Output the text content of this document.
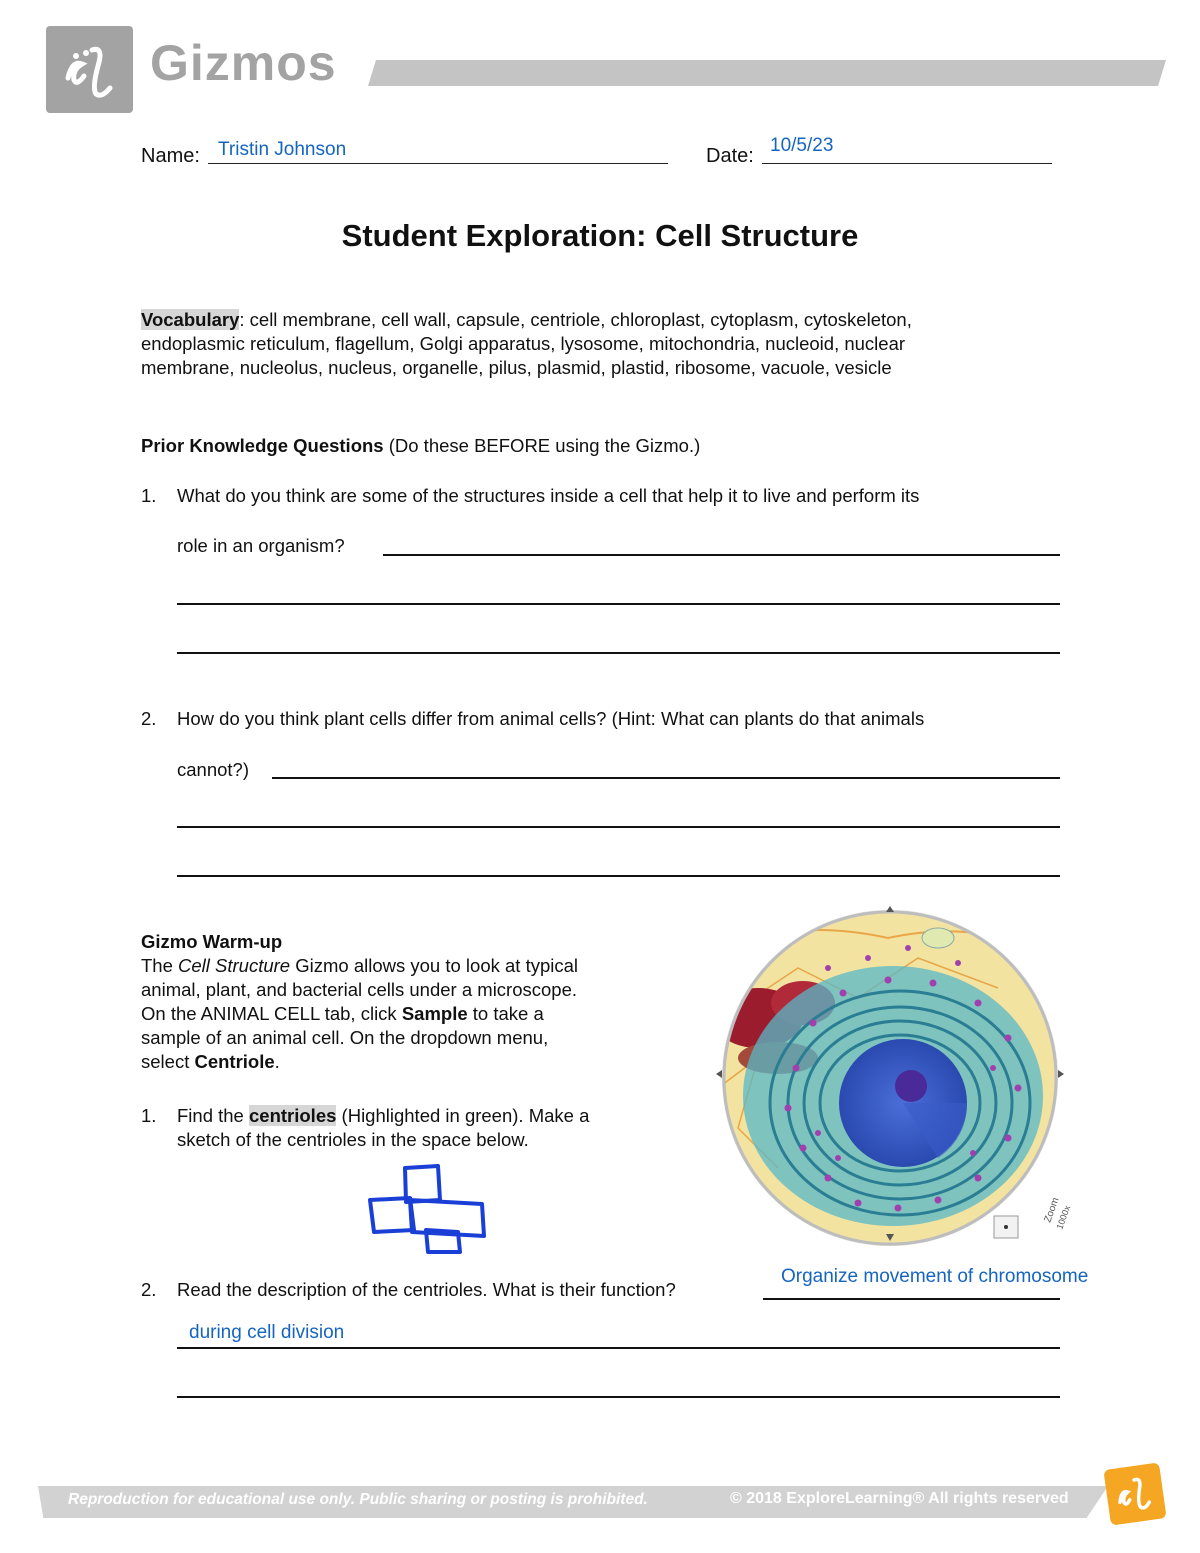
Gizmos
Name: Tristin Johnson	Date: 10/5/23
Student Exploration: Cell Structure
Vocabulary: cell membrane, cell wall, capsule, centriole, chloroplast, cytoplasm, cytoskeleton,
endoplasmic reticulum, flagellum, Golgi apparatus, lysosome, mitochondria, nucleoid, nuclear
membrane, nucleolus, nucleus, organelle, pilus, plasmid, plastid, ribosome, vacuole, vesicle
Prior Knowledge Questions (Do these BEFORE using the Gizmo.)
1. What do you think are some of the structures inside a cell that help it to live and perform its
role in an organism?
2. How do you think plant cells differ from animal cells? (Hint: What can plants do that animals
cannot?)
Gizmo Warm-up
The Cell Structure Gizmo allows you to look at typical
animal, plant, and bacterial cells under a microscope.
On the ANIMAL CELL tab, click Sample to take a
sample of an animal cell. On the dropdown menu,
select Centriole.
1. Find the centrioles (Highlighted in green). Make a
sketch of the centrioles in the space below.
Zoom
1000x
2. Read the description of the centrioles. What is their function?
Organize movement of chromosome
during cell division
Reproduction for educational use only. Public sharing or posting is prohibited.	© 2018 ExploreLearning® All rights reserved
